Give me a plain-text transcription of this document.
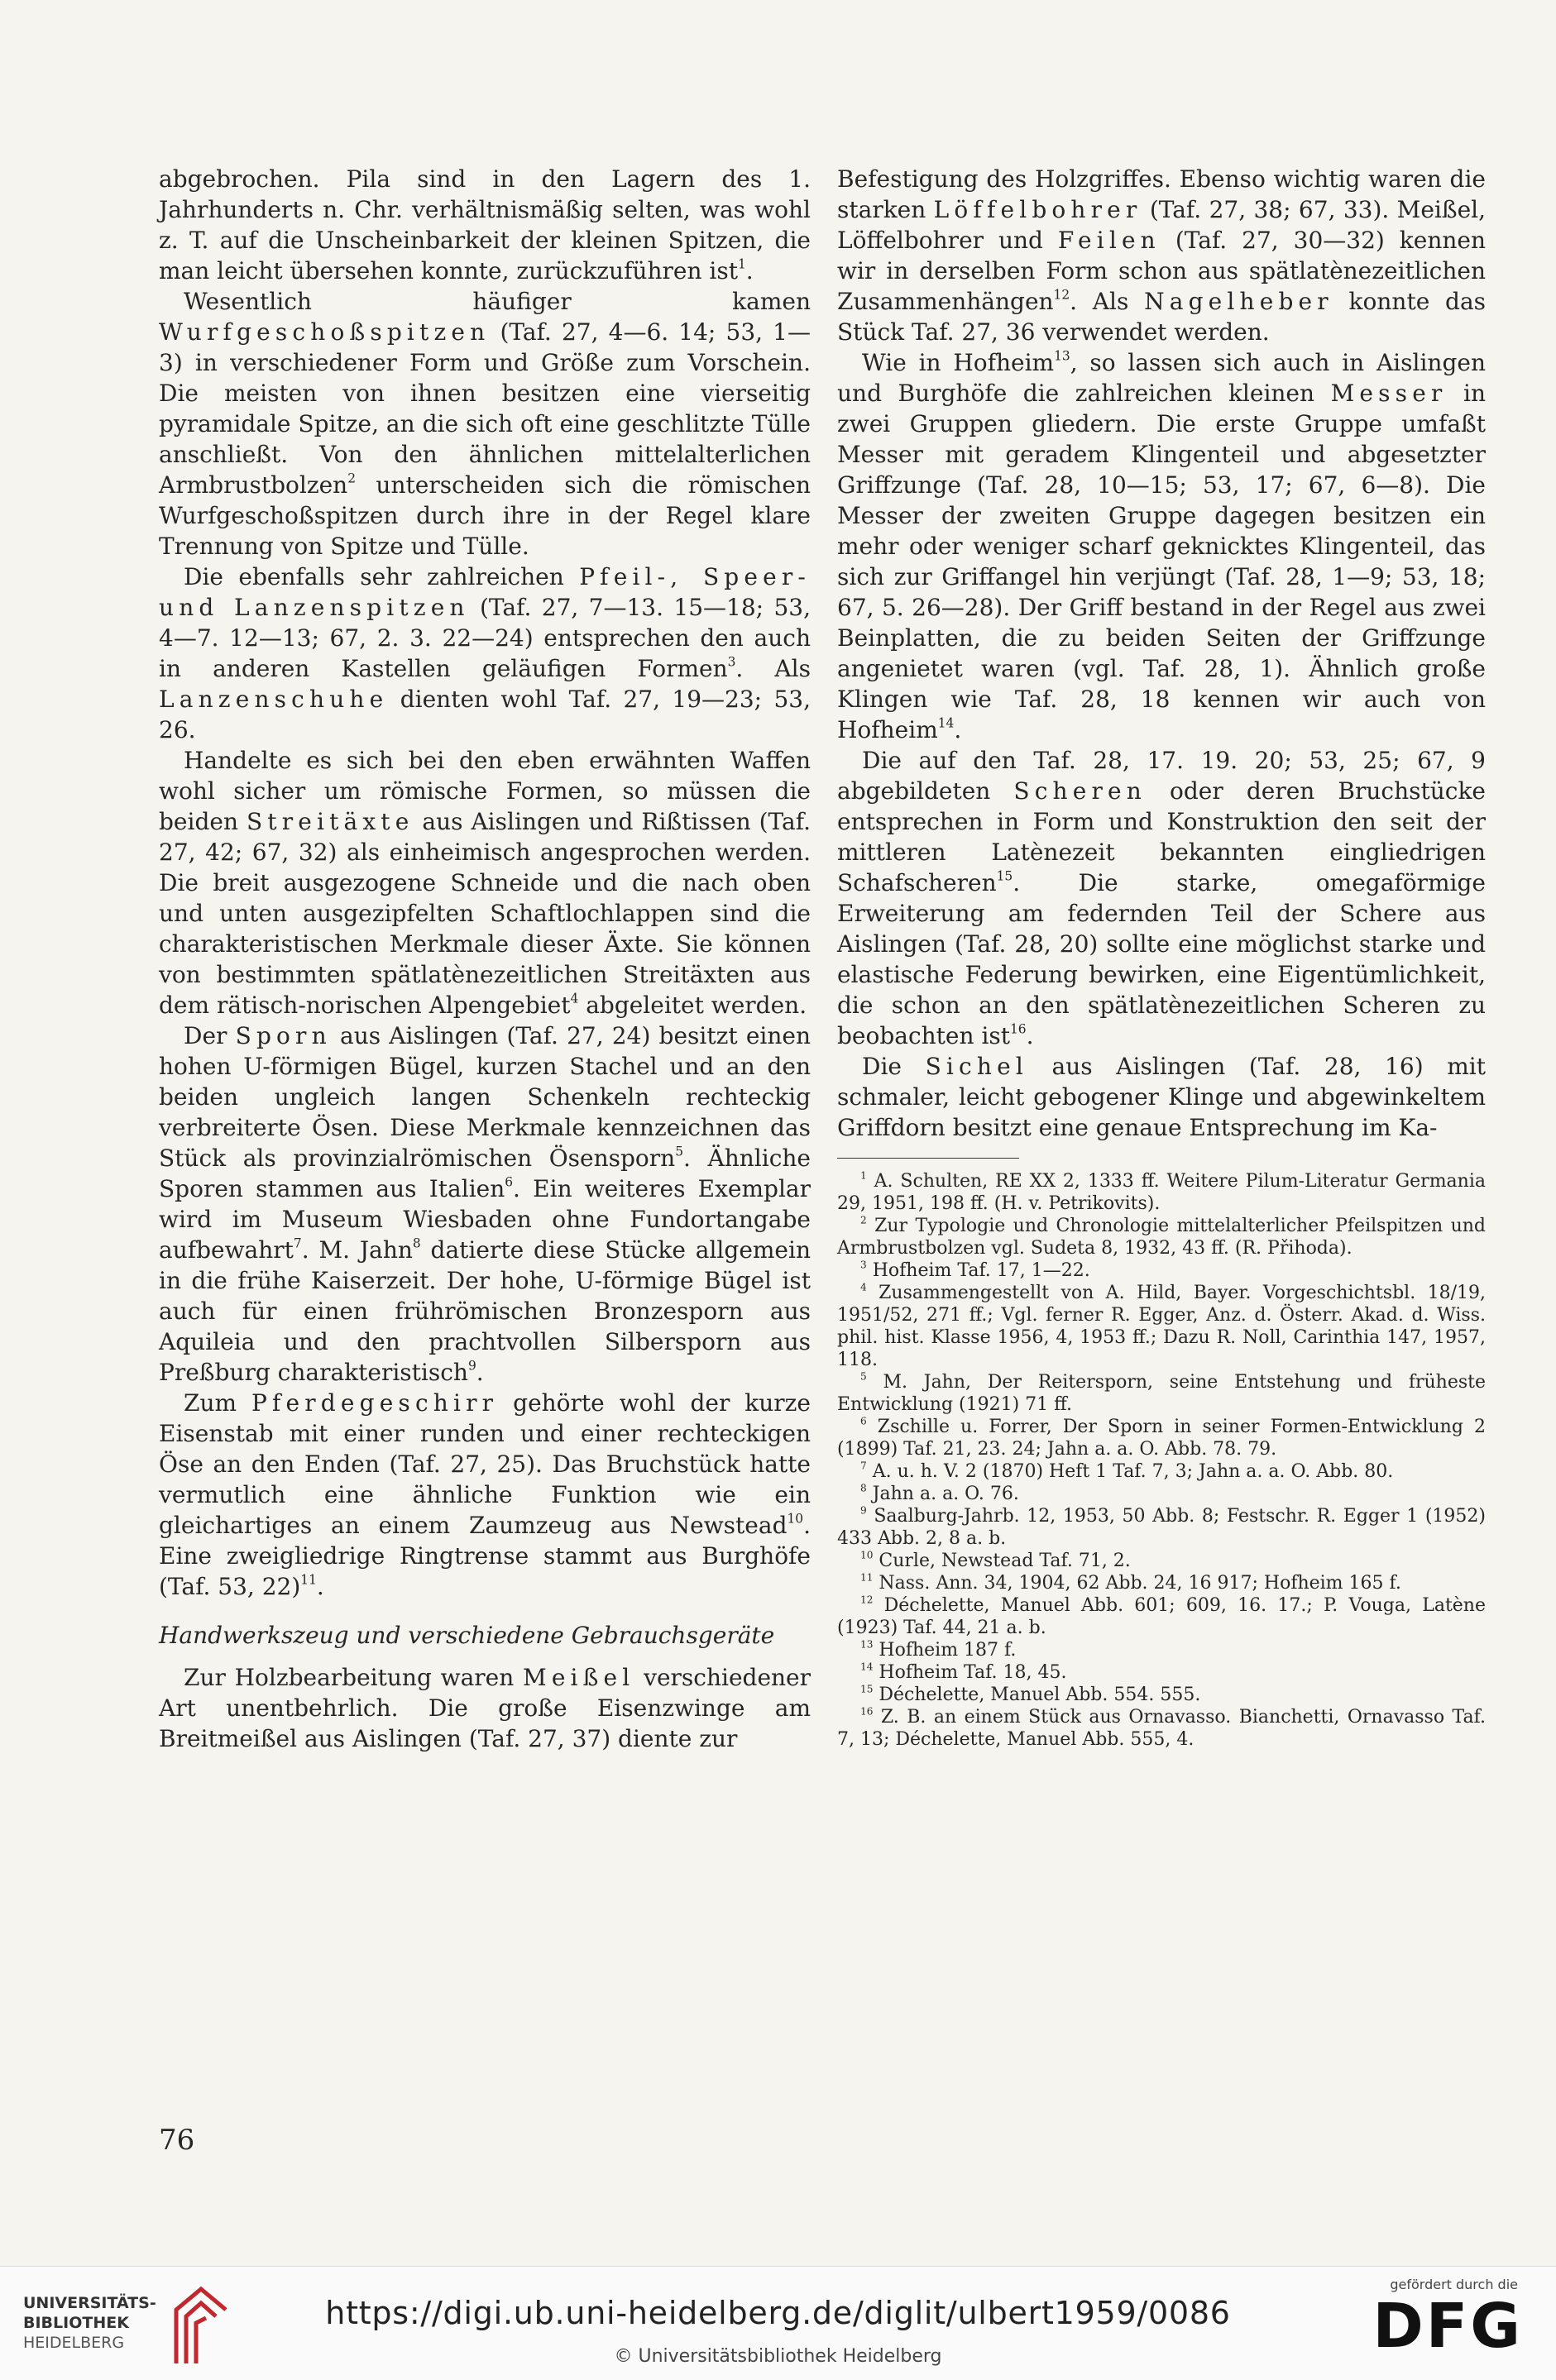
abgebrochen. Pila sind in den Lagern des 1. Jahrhunderts n. Chr. verhältnismäßig selten, was wohl z. T. auf die Unscheinbarkeit der kleinen Spitzen, die man leicht übersehen konnte, zurückzuführen ist$^1$.

Wesentlich häufiger kamen Wurfgeschoßspitzen (Taf. 27, 4—6. 14; 53, 1—3) in verschiedener Form und Größe zum Vorschein. Die meisten von ihnen besitzen eine vierseitig pyramidale Spitze, an die sich oft eine geschlitzte Tülle anschließt. Von den ähnlichen mittelalterlichen Armbrustbolzen$^2$ unterscheiden sich die römischen Wurfgeschoßspitzen durch ihre in der Regel klare Trennung von Spitze und Tülle.

Die ebenfalls sehr zahlreichen Pfeil-, Speer- und Lanzenspitzen (Taf. 27, 7—13. 15—18; 53, 4—7. 12—13; 67, 2. 3. 22—24) entsprechen den auch in anderen Kastellen geläufigen Formen$^3$. Als Lanzenschuhe dienten wohl Taf. 27, 19—23; 53, 26.

Handelte es sich bei den eben erwähnten Waffen wohl sicher um römische Formen, so müssen die beiden Streitäxte aus Aislingen und Rißtissen (Taf. 27, 42; 67, 32) als einheimisch angesprochen werden. Die breit ausgezogene Schneide und die nach oben und unten ausgezipfelten Schaftlochlappen sind die charakteristischen Merkmale dieser Äxte. Sie können von bestimmten spätlatènezeitlichen Streitäxten aus dem rätisch-norischen Alpengebiet$^4$ abgeleitet werden.

Der Sporn aus Aislingen (Taf. 27, 24) besitzt einen hohen U-förmigen Bügel, kurzen Stachel und an den beiden ungleich langen Schenkeln rechteckig verbreiterte Ösen. Diese Merkmale kennzeichnen das Stück als provinzialrömischen Ösensporn$^5$. Ähnliche Sporen stammen aus Italien$^6$. Ein weiteres Exemplar wird im Museum Wiesbaden ohne Fundortangabe aufbewahrt$^7$. M. Jahn$^8$ datierte diese Stücke allgemein in die frühe Kaiserzeit. Der hohe, U-förmige Bügel ist auch für einen frührömischen Bronzesporn aus Aquileia und den prachtvollen Silbersporn aus Preßburg charakteristisch$^9$.

Zum Pferdegeschirr gehörte wohl der kurze Eisenstab mit einer runden und einer rechteckigen Öse an den Enden (Taf. 27, 25). Das Bruchstück hatte vermutlich eine ähnliche Funktion wie ein gleichartiges an einem Zaumzeug aus Newstead$^{10}$. Eine zweigliedrige Ringtrense stammt aus Burghöfe (Taf. 53, 22)$^{11}$.

Handwerkszeug und verschiedene Gebrauchsgeräte

Zur Holzbearbeitung waren Meißel verschiedener Art unentbehrlich. Die große Eisenzwinge am Breitmeißel aus Aislingen (Taf. 27, 37) diente zur

Befestigung des Holzgriffes. Ebenso wichtig waren die starken Löffelbohrer (Taf. 27, 38; 67, 33). Meißel, Löffelbohrer und Feilen (Taf. 27, 30—32) kennen wir in derselben Form schon aus spätlatènezeitlichen Zusammenhängen$^{12}$. Als Nagelheber konnte das Stück Taf. 27, 36 verwendet werden.

Wie in Hofheim$^{13}$, so lassen sich auch in Aislingen und Burghöfe die zahlreichen kleinen Messer in zwei Gruppen gliedern. Die erste Gruppe umfaßt Messer mit geradem Klingenteil und abgesetzter Griffzunge (Taf. 28, 10—15; 53, 17; 67, 6—8). Die Messer der zweiten Gruppe dagegen besitzen ein mehr oder weniger scharf geknicktes Klingenteil, das sich zur Griffangel hin verjüngt (Taf. 28, 1—9; 53, 18; 67, 5. 26—28). Der Griff bestand in der Regel aus zwei Beinplatten, die zu beiden Seiten der Griffzunge angenietet waren (vgl. Taf. 28, 1). Ähnlich große Klingen wie Taf. 28, 18 kennen wir auch von Hofheim$^{14}$.

Die auf den Taf. 28, 17. 19. 20; 53, 25; 67, 9 abgebildeten Scheren oder deren Bruchstücke entsprechen in Form und Konstruktion den seit der mittleren Latènezeit bekannten eingliedrigen Schafscheren$^{15}$. Die starke, omegaförmige Erweiterung am federnden Teil der Schere aus Aislingen (Taf. 28, 20) sollte eine möglichst starke und elastische Federung bewirken, eine Eigentümlichkeit, die schon an den spätlatènezeitlichen Scheren zu beobachten ist$^{16}$.

Die Sichel aus Aislingen (Taf. 28, 16) mit schmaler, leicht gebogener Klinge und abgewinkeltem Griffdorn besitzt eine genaue Entsprechung im Ka-

$^1$ A. Schulten, RE XX 2, 1333 ff. Weitere Pilum-Literatur Germania 29, 1951, 198 ff. (H. v. Petrikovits).

$^2$ Zur Typologie und Chronologie mittelalterlicher Pfeilspitzen und Armbrustbolzen vgl. Sudeta 8, 1932, 43 ff. (R. Přihoda).

$^3$ Hofheim Taf. 17, 1—22.

$^4$ Zusammengestellt von A. Hild, Bayer. Vorgeschichtsbl. 18/19, 1951/52, 271 ff.; Vgl. ferner R. Egger, Anz. d. Österr. Akad. d. Wiss. phil. hist. Klasse 1956, 4, 1953 ff.; Dazu R. Noll, Carinthia 147, 1957, 118.

$^5$ M. Jahn, Der Reitersporn, seine Entstehung und früheste Entwicklung (1921) 71 ff.

$^6$ Zschille u. Forrer, Der Sporn in seiner Formen-Entwicklung 2 (1899) Taf. 21, 23. 24; Jahn a. a. O. Abb. 78. 79.

$^7$ A. u. h. V. 2 (1870) Heft 1 Taf. 7, 3; Jahn a. a. O. Abb. 80.

$^8$ Jahn a. a. O. 76.

$^9$ Saalburg-Jahrb. 12, 1953, 50 Abb. 8; Festschr. R. Egger 1 (1952) 433 Abb. 2, 8 a. b.

$^{10}$ Curle, Newstead Taf. 71, 2.

$^{11}$ Nass. Ann. 34, 1904, 62 Abb. 24, 16 917; Hofheim 165 f.

$^{12}$ Déchelette, Manuel Abb. 601; 609, 16. 17.; P. Vouga, Latène (1923) Taf. 44, 21 a. b.

$^{13}$ Hofheim 187 f.

$^{14}$ Hofheim Taf. 18, 45.

$^{15}$ Déchelette, Manuel Abb. 554. 555.

$^{16}$ Z. B. an einem Stück aus Ornavasso. Bianchetti, Ornavasso Taf. 7, 13; Déchelette, Manuel Abb. 555, 4.

76
UNIVERSITÄTS-
BIBLIOTHEK
HEIDELBERG
https://digi.ub.uni-heidelberg.de/diglit/ulbert1959/0086
© Universitätsbibliothek Heidelberg
gefördert durch die
DFG
